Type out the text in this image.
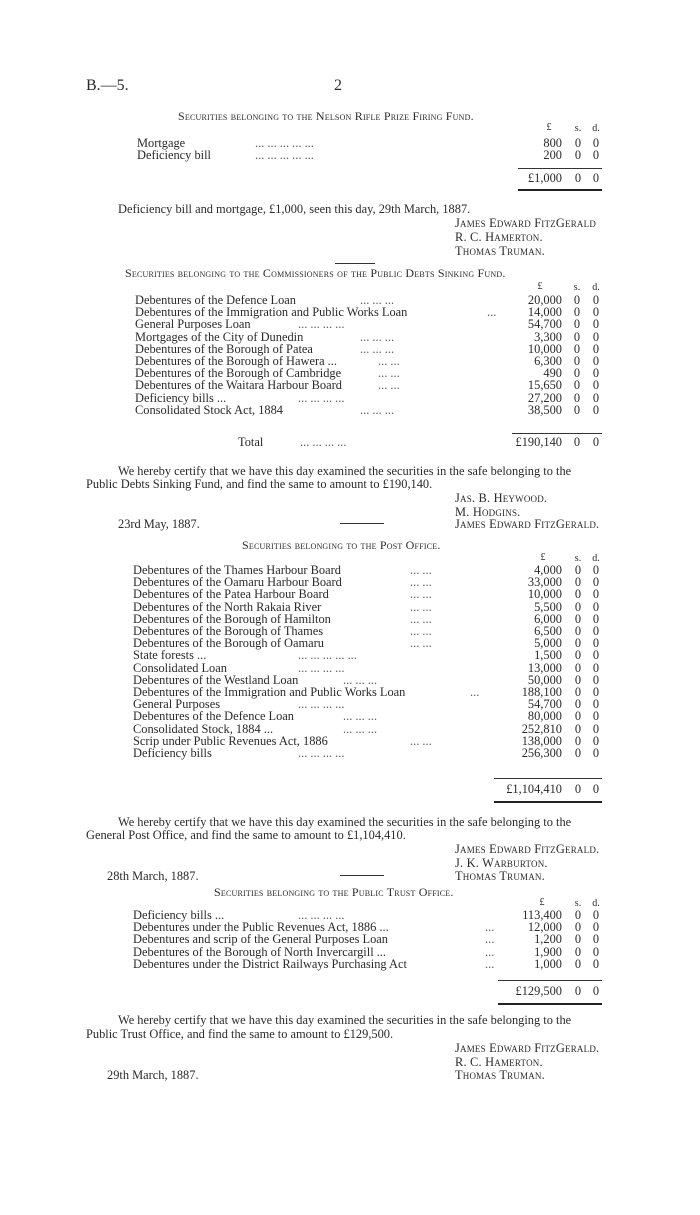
B.—5.	2
Securities belonging to the Nelson Rifle Prize Firing Fund.
£	s. d.
Mortgage	... ... ... ... ...	800 0 0
Deficiency bill	... ... ... ... ...	200 0 0
£1,000 0 0
Deficiency bill and mortgage, £1,000, seen this day, 29th March, 1887.
James Edward FitzGerald
R. C. Hamerton.
Thomas Truman.
Securities belonging to the Commissioners of the Public Debts Sinking Fund.
£	s. d.
Debentures of the Defence Loan	... ... ...	20,000 0 0
Debentures of the Immigration and Public Works Loan	...	14,000 0 0
General Purposes Loan	... ... ... ...	54,700 0 0
Mortgages of the City of Dunedin	... ... ...	3,300 0 0
Debentures of the Borough of Patea	... ... ...	10,000 0 0
Debentures of the Borough of Hawera ...	... ...	6,300 0 0
Debentures of the Borough of Cambridge	... ...	490 0 0
Debentures of the Waitara Harbour Board	... ...	15,650 0 0
Deficiency bills ...	... ... ... ...	27,200 0 0
Consolidated Stock Act, 1884	... ... ...	38,500 0 0
Total	... ... ... ...	£190,140 0 0
We hereby certify that we have this day examined the securities in the safe belonging to the
Public Debts Sinking Fund, and find the same to amount to £190,140.
Jas. B. Heywood.
M. Hodgins.
23rd May, 1887.	James Edward FitzGerald.
Securities belonging to the Post Office.
£	s. d.
Debentures of the Thames Harbour Board	... ...	4,000 0 0
Debentures of the Oamaru Harbour Board	... ...	33,000 0 0
Debentures of the Patea Harbour Board	... ...	10,000 0 0
Debentures of the North Rakaia River	... ...	5,500 0 0
Debentures of the Borough of Hamilton	... ...	6,000 0 0
Debentures of the Borough of Thames	... ...	6,500 0 0
Debentures of the Borough of Oamaru	... ...	5,000 0 0
State forests ...	... ... ... ... ...	1,500 0 0
Consolidated Loan	... ... ... ...	13,000 0 0
Debentures of the Westland Loan	... ... ...	50,000 0 0
Debentures of the Immigration and Public Works Loan	...	188,100 0 0
General Purposes	... ... ... ...	54,700 0 0
Debentures of the Defence Loan	... ... ...	80,000 0 0
Consolidated Stock, 1884 ...	... ... ...	252,810 0 0
Scrip under Public Revenues Act, 1886	... ...	138,000 0 0
Deficiency bills	... ... ... ...	256,300 0 0
£1,104,410 0 0
We hereby certify that we have this day examined the securities in the safe belonging to the
General Post Office, and find the same to amount to £1,104,410.
James Edward FitzGerald.
J. K. Warburton.
28th March, 1887.	Thomas Truman.
Securities belonging to the Public Trust Office.
£	s. d.
Deficiency bills ...	... ... ... ...	113,400 0 0
Debentures under the Public Revenues Act, 1886 ...	...	12,000 0 0
Debentures and scrip of the General Purposes Loan	...	1,200 0 0
Debentures of the Borough of North Invercargill ...	...	1,900 0 0
Debentures under the District Railways Purchasing Act	...	1,000 0 0
£129,500 0 0
We hereby certify that we have this day examined the securities in the safe belonging to the
Public Trust Office, and find the same to amount to £129,500.
James Edward FitzGerald.
R. C. Hamerton.
29th March, 1887.	Thomas Truman.
